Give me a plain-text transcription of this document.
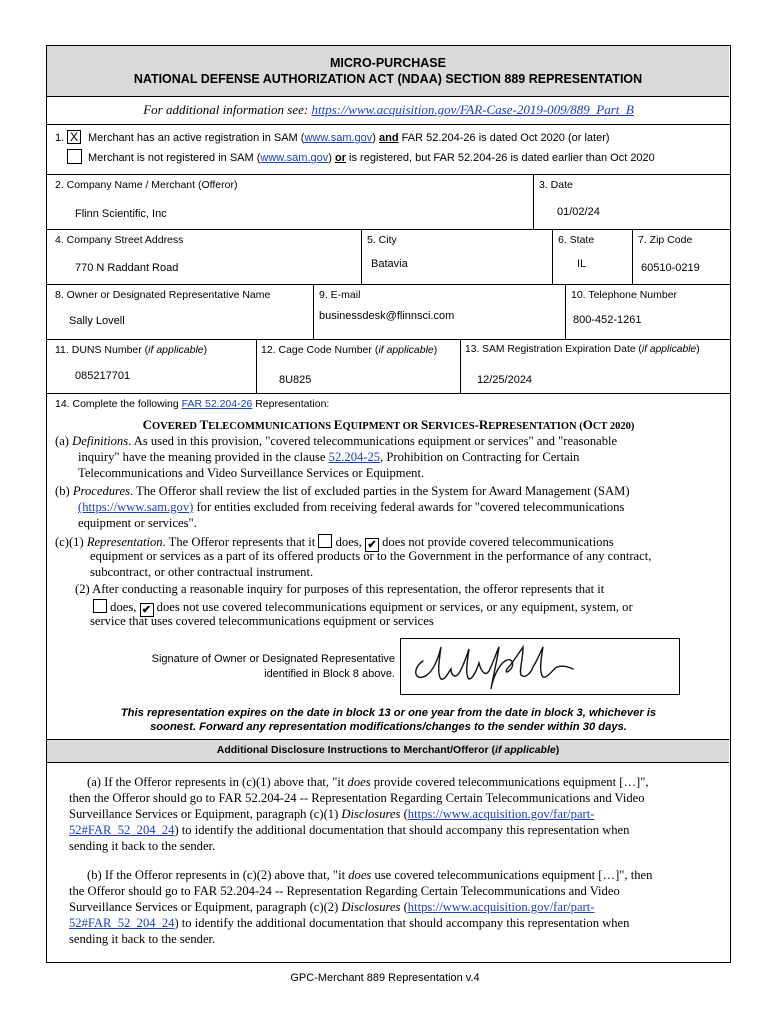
MICRO-PURCHASE
NATIONAL DEFENSE AUTHORIZATION ACT (NDAA) SECTION 889 REPRESENTATION
For additional information see: https://www.acquisition.gov/FAR-Case-2019-009/889_Part_B
1. X Merchant has an active registration in SAM (www.sam.gov) and FAR 52.204-26 is dated Oct 2020 (or later)
Merchant is not registered in SAM (www.sam.gov) or is registered, but FAR 52.204-26 is dated earlier than Oct 2020
2. Company Name / Merchant (Offeror)
Flinn Scientific, Inc
3. Date
01/02/24
4. Company Street Address
770 N Raddant Road
5. City
Batavia
6. State
IL
7. Zip Code
60510-0219
8. Owner or Designated Representative Name
Sally Lovell
9. E-mail
businessdesk@flinnsci.com
10. Telephone Number
800-452-1261
11. DUNS Number (if applicable)
085217701
12. Cage Code Number (if applicable)
8U825
13. SAM Registration Expiration Date (if applicable)
12/25/2024
14. Complete the following FAR 52.204-26 Representation:
COVERED TELECOMMUNICATIONS EQUIPMENT OR SERVICES-REPRESENTATION (OCT 2020)
(a) Definitions. As used in this provision, "covered telecommunications equipment or services" and "reasonable
inquiry" have the meaning provided in the clause 52.204-25, Prohibition on Contracting for Certain
Telecommunications and Video Surveillance Services or Equipment.
(b) Procedures. The Offeror shall review the list of excluded parties in the System for Award Management (SAM)
(https://www.sam.gov) for entities excluded from receiving federal awards for "covered telecommunications
equipment or services".
(c)(1) Representation. The Offeror represents that it  does, ✔ does not provide covered telecommunications
equipment or services as a part of its offered products or to the Government in the performance of any contract,
subcontract, or other contractual instrument.
(2) After conducting a reasonable inquiry for purposes of this representation, the offeror represents that it
does, ✔ does not use covered telecommunications equipment or services, or any equipment, system, or
service that uses covered telecommunications equipment or services
Signature of Owner or Designated Representative
identified in Block 8 above.
This representation expires on the date in block 13 or one year from the date in block 3, whichever is
soonest. Forward any representation modifications/changes to the sender within 30 days.
Additional Disclosure Instructions to Merchant/Offeror (if applicable)
(a) If the Offeror represents in (c)(1) above that, "it does provide covered telecommunications equipment […]",
then the Offeror should go to FAR 52.204-24 -- Representation Regarding Certain Telecommunications and Video
Surveillance Services or Equipment, paragraph (c)(1) Disclosures (https://www.acquisition.gov/far/part-
52#FAR_52_204_24) to identify the additional documentation that should accompany this representation when
sending it back to the sender.
(b) If the Offeror represents in (c)(2) above that, "it does use covered telecommunications equipment […]", then
the Offeror should go to FAR 52.204-24 -- Representation Regarding Certain Telecommunications and Video
Surveillance Services or Equipment, paragraph (c)(2) Disclosures (https://www.acquisition.gov/far/part-
52#FAR_52_204_24) to identify the additional documentation that should accompany this representation when
sending it back to the sender.
GPC-Merchant 889 Representation v.4
